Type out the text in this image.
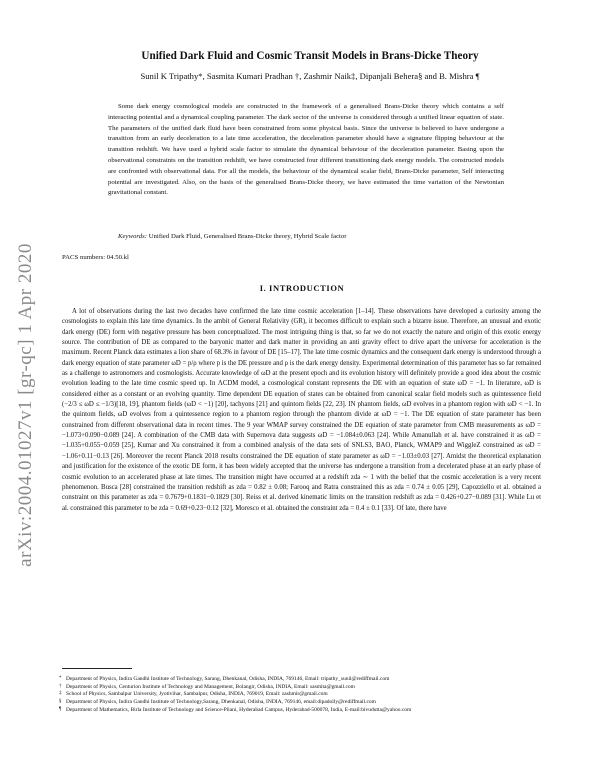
arXiv:2004.01027v1 [gr-qc] 1 Apr 2020
Unified Dark Fluid and Cosmic Transit Models in Brans-Dicke Theory
Sunil K Tripathy*, Sasmita Kumari Pradhan †, Zashmir Naik‡, Dipanjali Behera§ and B. Mishra ¶

Some dark energy cosmological models are constructed in the framework of a generalised Brans-Dicke theory which contains a self interacting potential and a dynamical coupling parameter. The dark sector of the universe is considered through a unified linear equation of state. The parameters of the unified dark fluid have been constrained from some physical basis. Since the universe is believed to have undergone a transition from an early deceleration to a late time acceleration, the deceleration parameter should have a signature flipping behaviour at the transition redshift. We have used a hybrid scale factor to simulate the dynamical behaviour of the deceleration parameter. Basing upon the observational constraints on the transition redshift, we have constructed four different transitioning dark energy models. The constructed models are confronted with observational data. For all the models, the behaviour of the dynamical scalar field, Brans-Dicke parameter, Self interacting potential are investigated. Also, on the basis of the generalised Brans-Dicke theory, we have estimated the time variation of the Newtonian gravitational constant.

Keywords: Unified Dark Fluid, Generalised Brans-Dicke theory, Hybrid Scale factor

PACS numbers: 04.50.kl

I. INTRODUCTION

A lot of observations during the last two decades have confirmed the late time cosmic acceleration [1–14]. These observations have developed a curiosity among the cosmologists to explain this late time dynamics. In the ambit of General Relativity (GR), it becomes difficult to explain such a bizarre issue. Therefore, an unusual and exotic dark energy (DE) form with negative pressure has been conceptualized. The most intriguing thing is that, so far we do not exactly the nature and origin of this exotic energy source. The contribution of DE as compared to the baryonic matter and dark matter in providing an anti gravity effect to drive apart the universe for acceleration is the maximum. Recent Planck data estimates a lion share of 68.3% in favour of DE [15–17]. The late time cosmic dynamics and the consequent dark energy is understood through a dark energy equation of state parameter ωD = p/ρ where p is the DE pressure and ρ is the dark energy density. Experimental determination of this parameter has so far remained as a challenge to astronomers and cosmologists. Accurate knowledge of ωD at the present epoch and its evolution history will definitely provide a good idea about the cosmic evolution leading to the late time cosmic speed up. In ΛCDM model, a cosmological constant represents the DE with an equation of state ωD = −1. In literature, ωD is considered either as a constant or an evolving quantity. Time dependent DE equation of states can be obtained from canonical scalar field models such as quintessence field (−2/3 ≤ ωD ≤ −1/3)[18, 19], phantom fields (ωD < −1) [20], tachyons [21] and quintom fields [22, 23]. IN phantom fields, ωD evolves in a phantom region with ωD < −1. In the quintom fields, ωD evolves from a quintessence region to a phantom region through the phantom divide at ωD = −1. The DE equation of state parameter has been constrained from different observational data in recent times. The 9 year WMAP survey constrained the DE equation of state parameter from CMB measurements as ωD = −1.073+0.090−0.089 [24]. A combination of the CMB data with Supernova data suggests ωD = −1.084±0.063 [24]. While Amanullah et al. have constrained it as ωD = −1.035+0.055−0.059 [25], Kumar and Xu constrained it from a combined analysis of the data sets of SNLS3, BAO, Planck, WMAP9 and WiggleZ constrained as ωD = −1.06+0.11−0.13 [26]. Moreover the recent Planck 2018 results constrained the DE equation of state parameter as ωD = −1.03±0.03 [27]. Amidst the theoretical explanation and justification for the existence of the exotic DE form, it has been widely accepted that the universe has undergone a transition from a decelerated phase at an early phase of cosmic evolution to an accelerated phase at late times. The transition might have occurred at a redshift zda ∼ 1 with the belief that the cosmic acceleration is a very recent phenomenon. Busca [28] constrained the transition redshift as zda = 0.82 ± 0.08; Farooq and Ratra constrained this as zda = 0.74 ± 0.05 [29], Capozziello et al. obtained a constraint on this parameter as zda = 0.7679+0.1831−0.1829 [30]. Reiss et al. derived kinematic limits on the transition redshift as zda = 0.426+0.27−0.089 [31]. While Lu et al. constrained this parameter to be zda = 0.69+0.23−0.12 [32], Moresco et al. obtained the constraint zda = 0.4 ± 0.1 [33]. Of late, there have

* Department of Physics, Indira Gandhi Institute of Technology, Sarang, Dhenkanal, Odisha, INDIA, 769146, Email: tripathy_sunil@rediffmail.com
† Department of Physics, Centurion Institute of Technology and Management, Bolangir, Odisha, INDIA, Email: sasmita@gmail.com
‡ School of Physics, Sambalpur University, Jyotivihar, Sambalpur, Odisha, INDIA, 769019, Email: zashmir@gmail.com
§ Department of Physics, Indira Gandhi Institute of Technology,Sarang, Dhenkanal, Odisha, INDIA, 769146, email:dipadolly@rediffmail.com
¶ Department of Mathematics, Birla Institute of Technology and Science-Pilani, Hyderabad Campus, Hyderabad-500078, India, E-mail:bivudutta@yahoo.com
